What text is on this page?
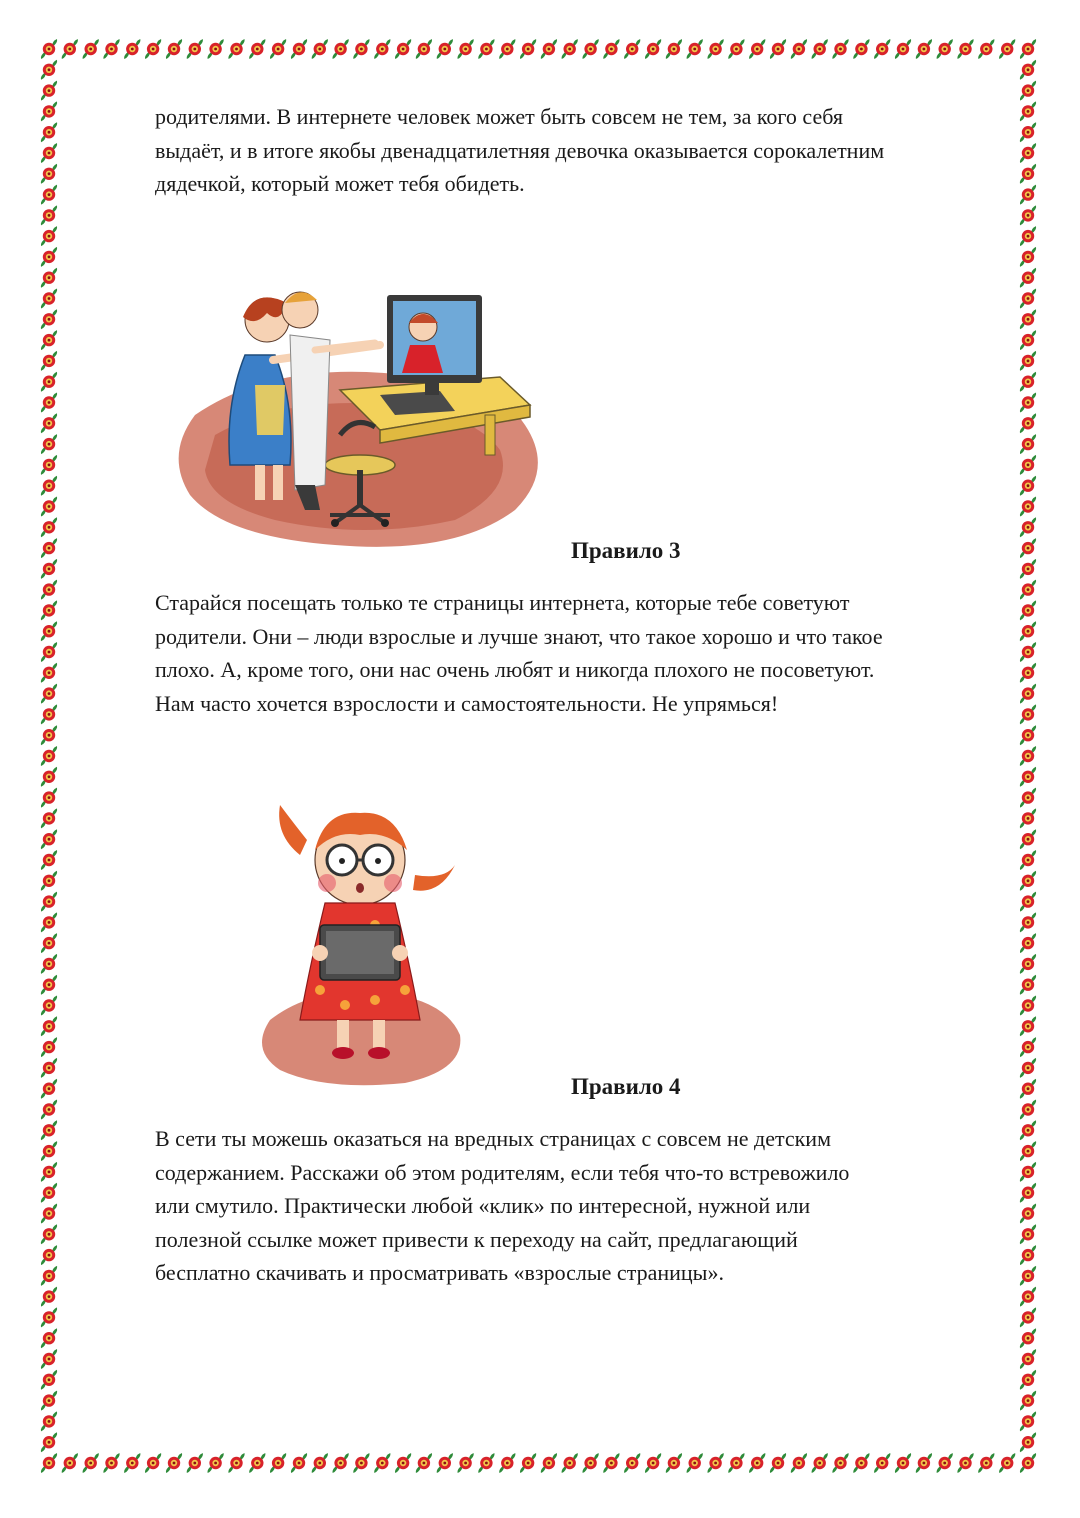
родителями. В интернете человек может быть совсем не тем, за кого себя
выдаёт, и в итоге якобы двенадцатилетняя девочка оказывается сорокалетним
дядечкой, который может тебя обидеть.

Правило 3

Старайся посещать только те страницы интернета, которые тебе советуют
родители. Они – люди взрослые и лучше знают, что такое хорошо и что такое
плохо. А, кроме того, они нас очень любят и никогда плохого не посоветуют.
Нам часто хочется взрослости и самостоятельности. Не упрямься!

Правило 4

В сети ты можешь оказаться на вредных страницах с совсем не детским
содержанием. Расскажи об этом родителям, если тебя что-то встревожило
или смутило. Практически любой «клик» по интересной, нужной или
полезной ссылке может привести к переходу на сайт, предлагающий
бесплатно скачивать и просматривать «взрослые страницы».
